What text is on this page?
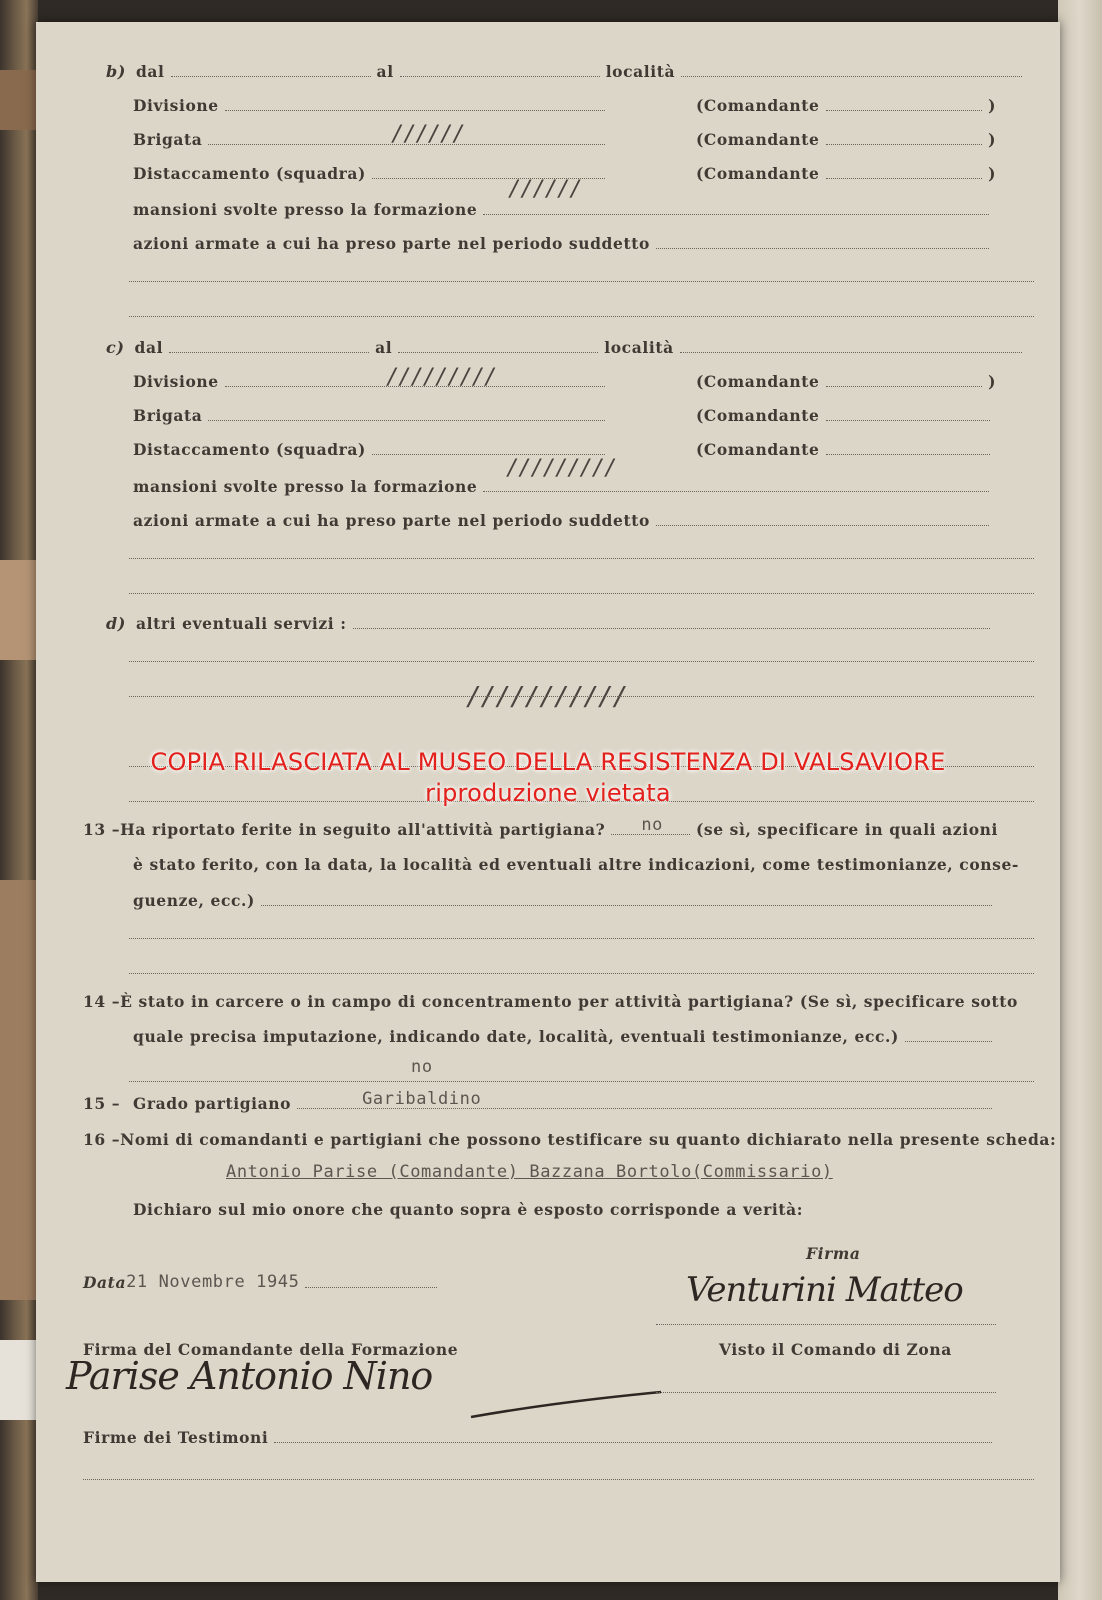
b) dal	al	località
Divisione	(Comandante	)
Brigata	//////	(Comandante	)
Distaccamento (squadra)	(Comandante	)
//////
mansioni svolte presso la formazione
azioni armate a cui ha preso parte nel periodo suddetto
c) dal	al	località
Divisione	/////////	(Comandante	)
Brigata	(Comandante
Distaccamento (squadra)	(Comandante
/////////
mansioni svolte presso la formazione
azioni armate a cui ha preso parte nel periodo suddetto
d) altri eventuali servizi :
///////////
COPIA RILASCIATA AL MUSEO DELLA RESISTENZA DI VALSAVIORE
riproduzione vietata
13 – Ha riportato ferite in seguito all'attività partigiana? no (se sì, specificare in quali azioni
è stato ferito, con la data, la località ed eventuali altre indicazioni, come testimonianze, conse-
guenze, ecc.)
14 – È stato in carcere o in campo di concentramento per attività partigiana? (Se sì, specificare sotto
quale precisa imputazione, indicando date, località, eventuali testimonianze, ecc.)
no
15 – Grado partigiano	Garibaldino
16 – Nomi di comandanti e partigiani che possono testificare su quanto dichiarato nella presente scheda:
Antonio Parise (Comandante) Bazzana Bortolo(Commissario)
Dichiaro sul mio onore che quanto sopra è esposto corrisponde a verità:
Firma
Venturini Matteo
Data 21 Novembre 1945
Firma del Comandante della Formazione
Parise Antonio Nino
Visto il Comando di Zona
Firme dei Testimoni
